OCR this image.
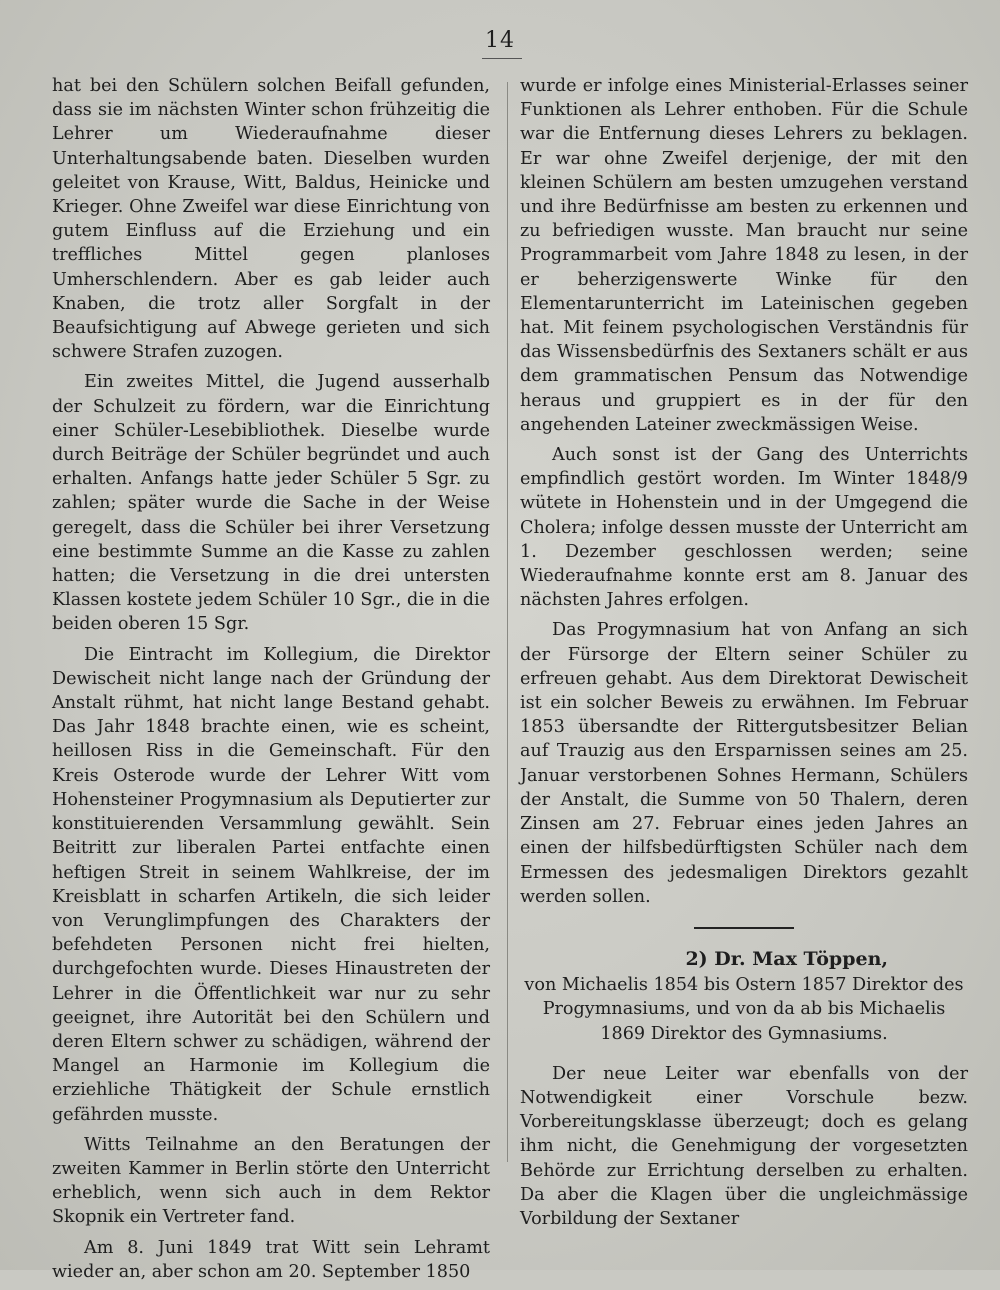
14

hat bei den Schülern solchen Beifall gefunden, dass sie im nächsten Winter schon frühzeitig die Lehrer um Wiederaufnahme dieser Unterhaltungsabende baten. Dieselben wurden geleitet von Krause, Witt, Baldus, Heinicke und Krieger. Ohne Zweifel war diese Einrichtung von gutem Einfluss auf die Erziehung und ein treffliches Mittel gegen planloses Umherschlendern. Aber es gab leider auch Knaben, die trotz aller Sorgfalt in der Beaufsichtigung auf Abwege gerieten und sich schwere Strafen zuzogen.

Ein zweites Mittel, die Jugend ausserhalb der Schulzeit zu fördern, war die Einrichtung einer Schüler-Lesebibliothek. Dieselbe wurde durch Beiträge der Schüler begründet und auch erhalten. Anfangs hatte jeder Schüler 5 Sgr. zu zahlen; später wurde die Sache in der Weise geregelt, dass die Schüler bei ihrer Versetzung eine bestimmte Summe an die Kasse zu zahlen hatten; die Versetzung in die drei untersten Klassen kostete jedem Schüler 10 Sgr., die in die beiden oberen 15 Sgr.

Die Eintracht im Kollegium, die Direktor Dewischeit nicht lange nach der Gründung der Anstalt rühmt, hat nicht lange Bestand gehabt. Das Jahr 1848 brachte einen, wie es scheint, heillosen Riss in die Gemeinschaft. Für den Kreis Osterode wurde der Lehrer Witt vom Hohensteiner Progymnasium als Deputierter zur konstituierenden Versammlung gewählt. Sein Beitritt zur liberalen Partei entfachte einen heftigen Streit in seinem Wahlkreise, der im Kreisblatt in scharfen Artikeln, die sich leider von Verunglimpfungen des Charakters der befehdeten Personen nicht frei hielten, durchgefochten wurde. Dieses Hinaustreten der Lehrer in die Öffentlichkeit war nur zu sehr geeignet, ihre Autorität bei den Schülern und deren Eltern schwer zu schädigen, während der Mangel an Harmonie im Kollegium die erziehliche Thätigkeit der Schule ernstlich gefährden musste.

Witts Teilnahme an den Beratungen der zweiten Kammer in Berlin störte den Unterricht erheblich, wenn sich auch in dem Rektor Skopnik ein Vertreter fand.

Am 8. Juni 1849 trat Witt sein Lehramt wieder an, aber schon am 20. September 1850

wurde er infolge eines Ministerial-Erlasses seiner Funktionen als Lehrer enthoben. Für die Schule war die Entfernung dieses Lehrers zu beklagen. Er war ohne Zweifel derjenige, der mit den kleinen Schülern am besten umzugehen verstand und ihre Bedürfnisse am besten zu erkennen und zu befriedigen wusste. Man braucht nur seine Programmarbeit vom Jahre 1848 zu lesen, in der er beherzigenswerte Winke für den Elementarunterricht im Lateinischen gegeben hat. Mit feinem psychologischen Verständnis für das Wissensbedürfnis des Sextaners schält er aus dem grammatischen Pensum das Notwendige heraus und gruppiert es in der für den angehenden Lateiner zweckmässigen Weise.

Auch sonst ist der Gang des Unterrichts empfindlich gestört worden. Im Winter 1848/9 wütete in Hohenstein und in der Umgegend die Cholera; infolge dessen musste der Unterricht am 1. Dezember geschlossen werden; seine Wiederaufnahme konnte erst am 8. Januar des nächsten Jahres erfolgen.

Das Progymnasium hat von Anfang an sich der Fürsorge der Eltern seiner Schüler zu erfreuen gehabt. Aus dem Direktorat Dewischeit ist ein solcher Beweis zu erwähnen. Im Februar 1853 übersandte der Rittergutsbesitzer Belian auf Trauzig aus den Ersparnissen seines am 25. Januar verstorbenen Sohnes Hermann, Schülers der Anstalt, die Summe von 50 Thalern, deren Zinsen am 27. Februar eines jeden Jahres an einen der hilfsbedürftigsten Schüler nach dem Ermessen des jedesmaligen Direktors gezahlt werden sollen.

2) Dr. Max Töppen,
von Michaelis 1854 bis Ostern 1857 Direktor des Progymnasiums, und von da ab bis Michaelis 1869 Direktor des Gymnasiums.

Der neue Leiter war ebenfalls von der Notwendigkeit einer Vorschule bezw. Vorbereitungsklasse überzeugt; doch es gelang ihm nicht, die Genehmigung der vorgesetzten Behörde zur Errichtung derselben zu erhalten. Da aber die Klagen über die ungleichmässige Vorbildung der Sextaner
